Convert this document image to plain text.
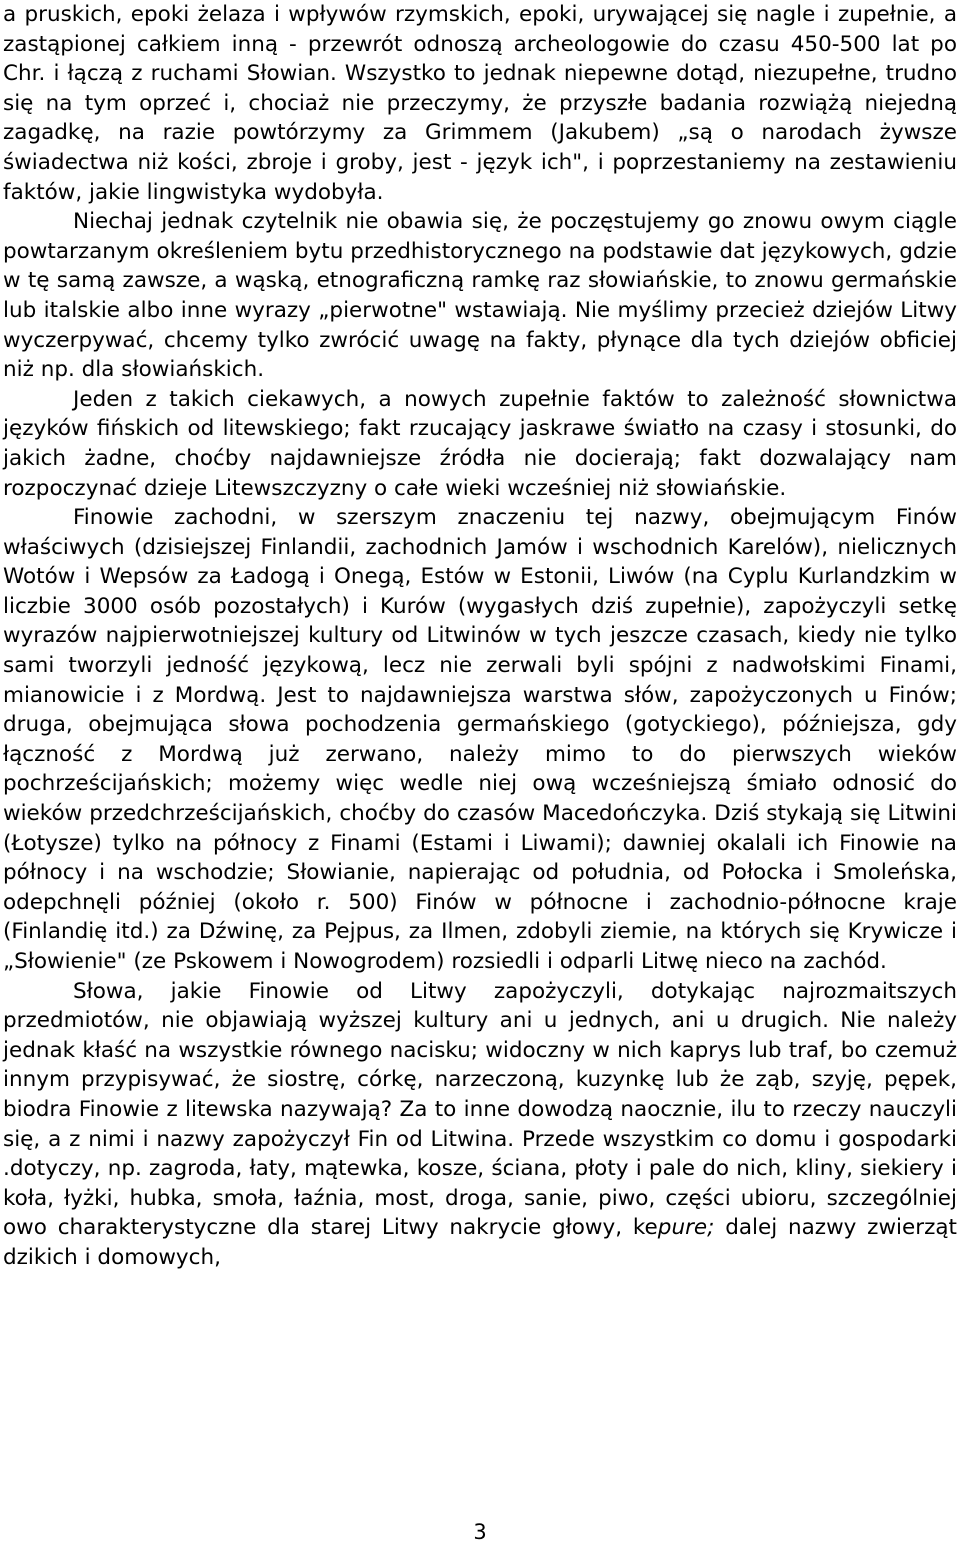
a pruskich, epoki żelaza i wpływów rzymskich, epoki, urywającej się nagle i zupełnie, a zastąpionej całkiem inną - przewrót odnoszą archeologowie do czasu 450-500 lat po Chr. i łączą z ruchami Słowian. Wszystko to jednak niepewne dotąd, niezupełne, trudno się na tym oprzeć i, chociaż nie przeczymy, że przyszłe badania rozwiążą niejedną zagadkę, na razie powtórzymy za Grimmem (Jakubem) „są o narodach żywsze świadectwa niż kości, zbroje i groby, jest - język ich", i poprzestaniemy na zestawieniu faktów, jakie lingwistyka wydobyła.

Niechaj jednak czytelnik nie obawia się, że poczęstujemy go znowu owym ciągle powtarzanym określeniem bytu przedhistorycznego na podstawie dat językowych, gdzie w tę samą zawsze, a wąską, etnograficzną ramkę raz słowiańskie, to znowu germańskie lub italskie albo inne wyrazy „pierwotne" wstawiają. Nie myślimy przecież dziejów Litwy wyczerpywać, chcemy tylko zwrócić uwagę na fakty, płynące dla tych dziejów obficiej niż np. dla słowiańskich.

Jeden z takich ciekawych, a nowych zupełnie faktów to zależność słownictwa języków fińskich od litewskiego; fakt rzucający jaskrawe światło na czasy i stosunki, do jakich żadne, choćby najdawniejsze źródła nie docierają; fakt dozwalający nam rozpoczynać dzieje Litewszczyzny o całe wieki wcześniej niż słowiańskie.

Finowie zachodni, w szerszym znaczeniu tej nazwy, obejmującym Finów właściwych (dzisiejszej Finlandii, zachodnich Jamów i wschodnich Karelów), nielicznych Wotów i Wepsów za Ładogą i Onegą, Estów w Estonii, Liwów (na Cyplu Kurlandzkim w liczbie 3000 osób pozostałych) i Kurów (wygasłych dziś zupełnie), zapożyczyli setkę wyrazów najpierwotniejszej kultury od Litwinów w tych jeszcze czasach, kiedy nie tylko sami tworzyli jedność językową, lecz nie zerwali byli spójni z nadwołskimi Finami, mianowicie i z Mordwą. Jest to najdawniejsza warstwa słów, zapożyczonych u Finów; druga, obejmująca słowa pochodzenia germańskiego (gotyckiego), późniejsza, gdy łączność z Mordwą już zerwano, należy mimo to do pierwszych wieków pochrześcijańskich; możemy więc wedle niej ową wcześniejszą śmiało odnosić do wieków przedchrześcijańskich, choćby do czasów Macedończyka. Dziś stykają się Litwini (Łotysze) tylko na północy z Finami (Estami i Liwami); dawniej okalali ich Finowie na północy i na wschodzie; Słowianie, napierając od południa, od Połocka i Smoleńska, odepchnęli później (około r. 500) Finów w północne i zachodnio-północne kraje (Finlandię itd.) za Dźwinę, za Pejpus, za Ilmen, zdobyli ziemie, na których się Krywicze i „Słowienie" (ze Pskowem i Nowogrodem) rozsiedli i odparli Litwę nieco na zachód.

Słowa, jakie Finowie od Litwy zapożyczyli, dotykając najrozmaitszych przedmiotów, nie objawiają wyższej kultury ani u jednych, ani u drugich. Nie należy jednak kłaść na wszystkie równego nacisku; widoczny w nich kaprys lub traf, bo czemuż innym przypisywać, że siostrę, córkę, narzeczoną, kuzynkę lub że ząb, szyję, pępek, biodra Finowie z litewska nazywają? Za to inne dowodzą naocznie, ilu to rzeczy nauczyli się, a z nimi i nazwy zapożyczył Fin od Litwina. Przede wszystkim co domu i gospodarki .dotyczy, np. zagroda, łaty, mątewka, kosze, ściana, płoty i pale do nich, kliny, siekiery i koła, łyżki, hubka, smoła, łaźnia, most, droga, sanie, piwo, części ubioru, szczególniej owo charakterystyczne dla starej Litwy nakrycie głowy, kepure; dalej nazwy zwierząt dzikich i domowych,

3
